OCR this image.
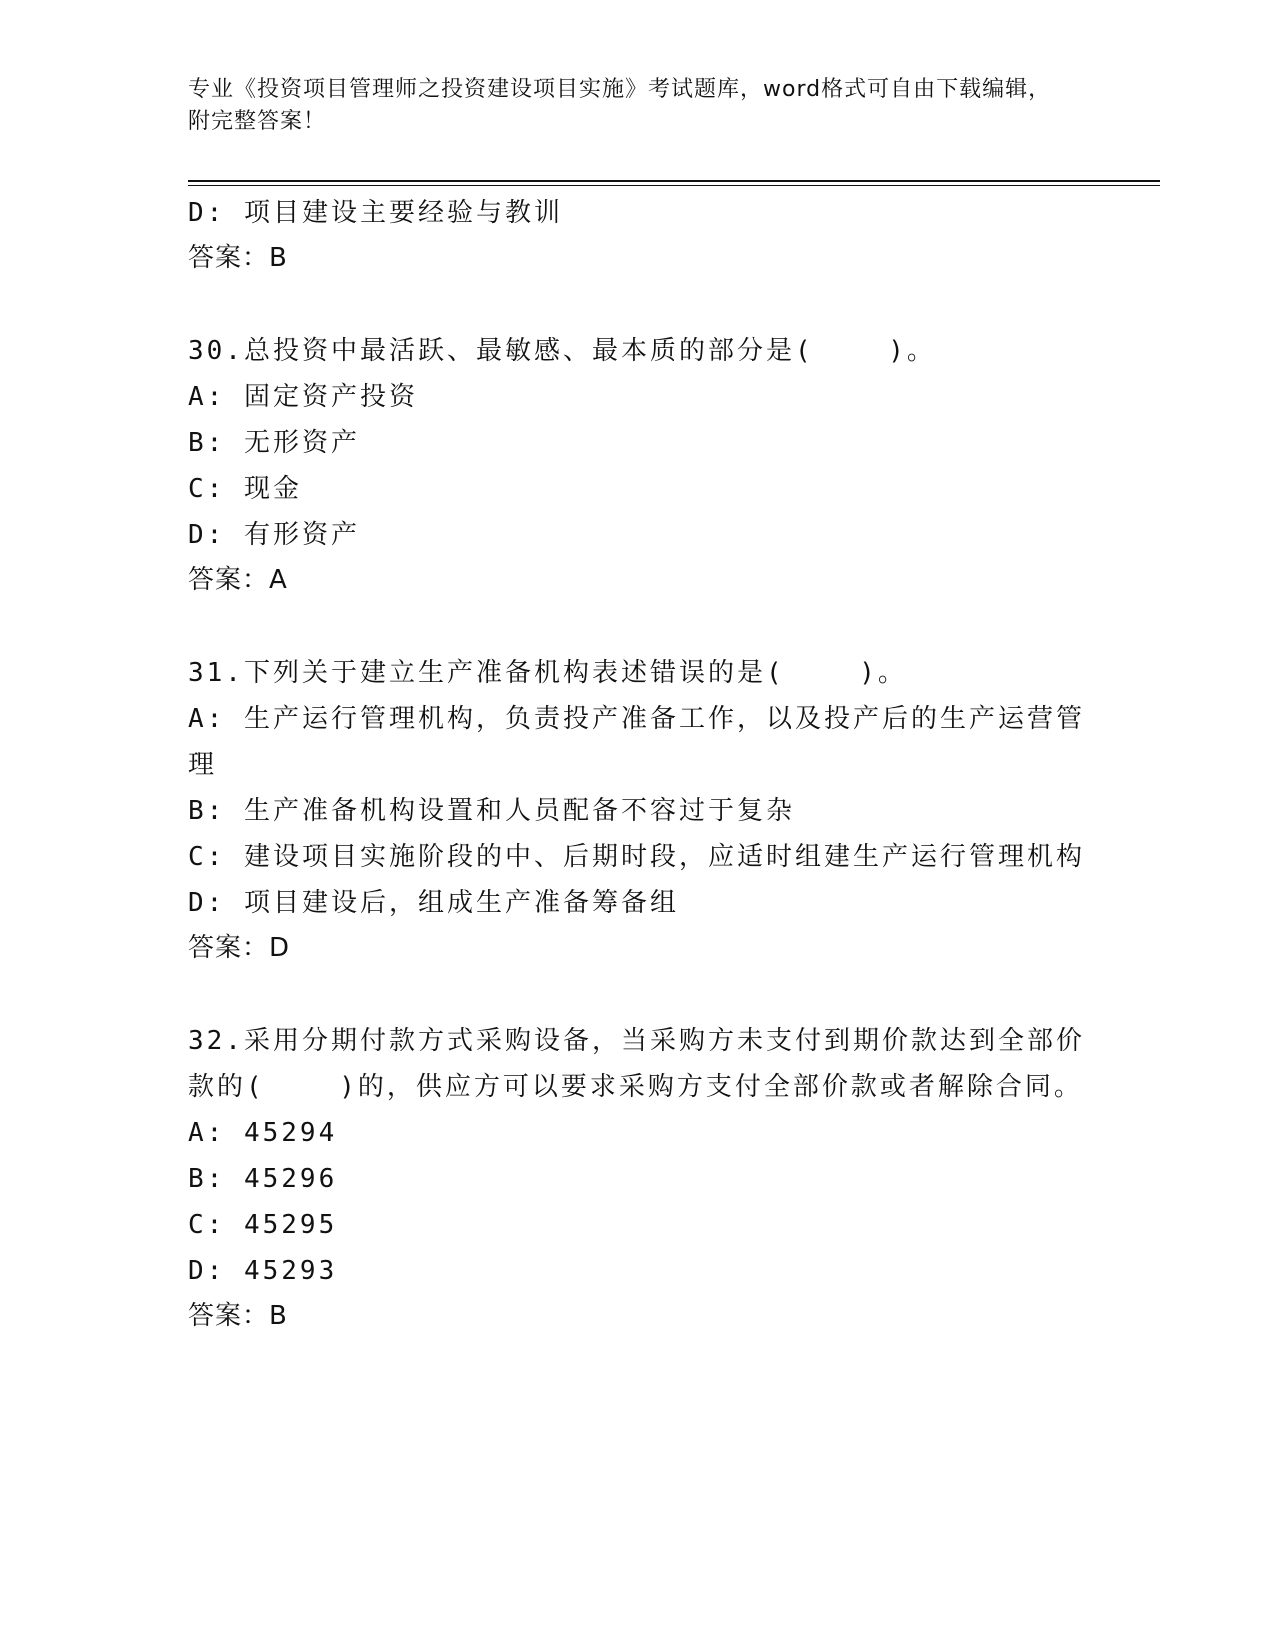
专业《投资项目管理师之投资建设项目实施》考试题库，word格式可自由下载编辑，附完整答案！
D: 项目建设主要经验与教训
答案：B
30.总投资中最活跃、最敏感、最本质的部分是(    )。
A: 固定资产投资
B: 无形资产
C: 现金
D: 有形资产
答案：A
31.下列关于建立生产准备机构表述错误的是(    )。
A: 生产运行管理机构，负责投产准备工作，以及投产后的生产运营管理
B: 生产准备机构设置和人员配备不容过于复杂
C: 建设项目实施阶段的中、后期时段，应适时组建生产运行管理机构
D: 项目建设后，组成生产准备筹备组
答案：D
32.采用分期付款方式采购设备，当采购方未支付到期价款达到全部价款的(    )的，供应方可以要求采购方支付全部价款或者解除合同。
A: 45294
B: 45296
C: 45295
D: 45293
答案：B
